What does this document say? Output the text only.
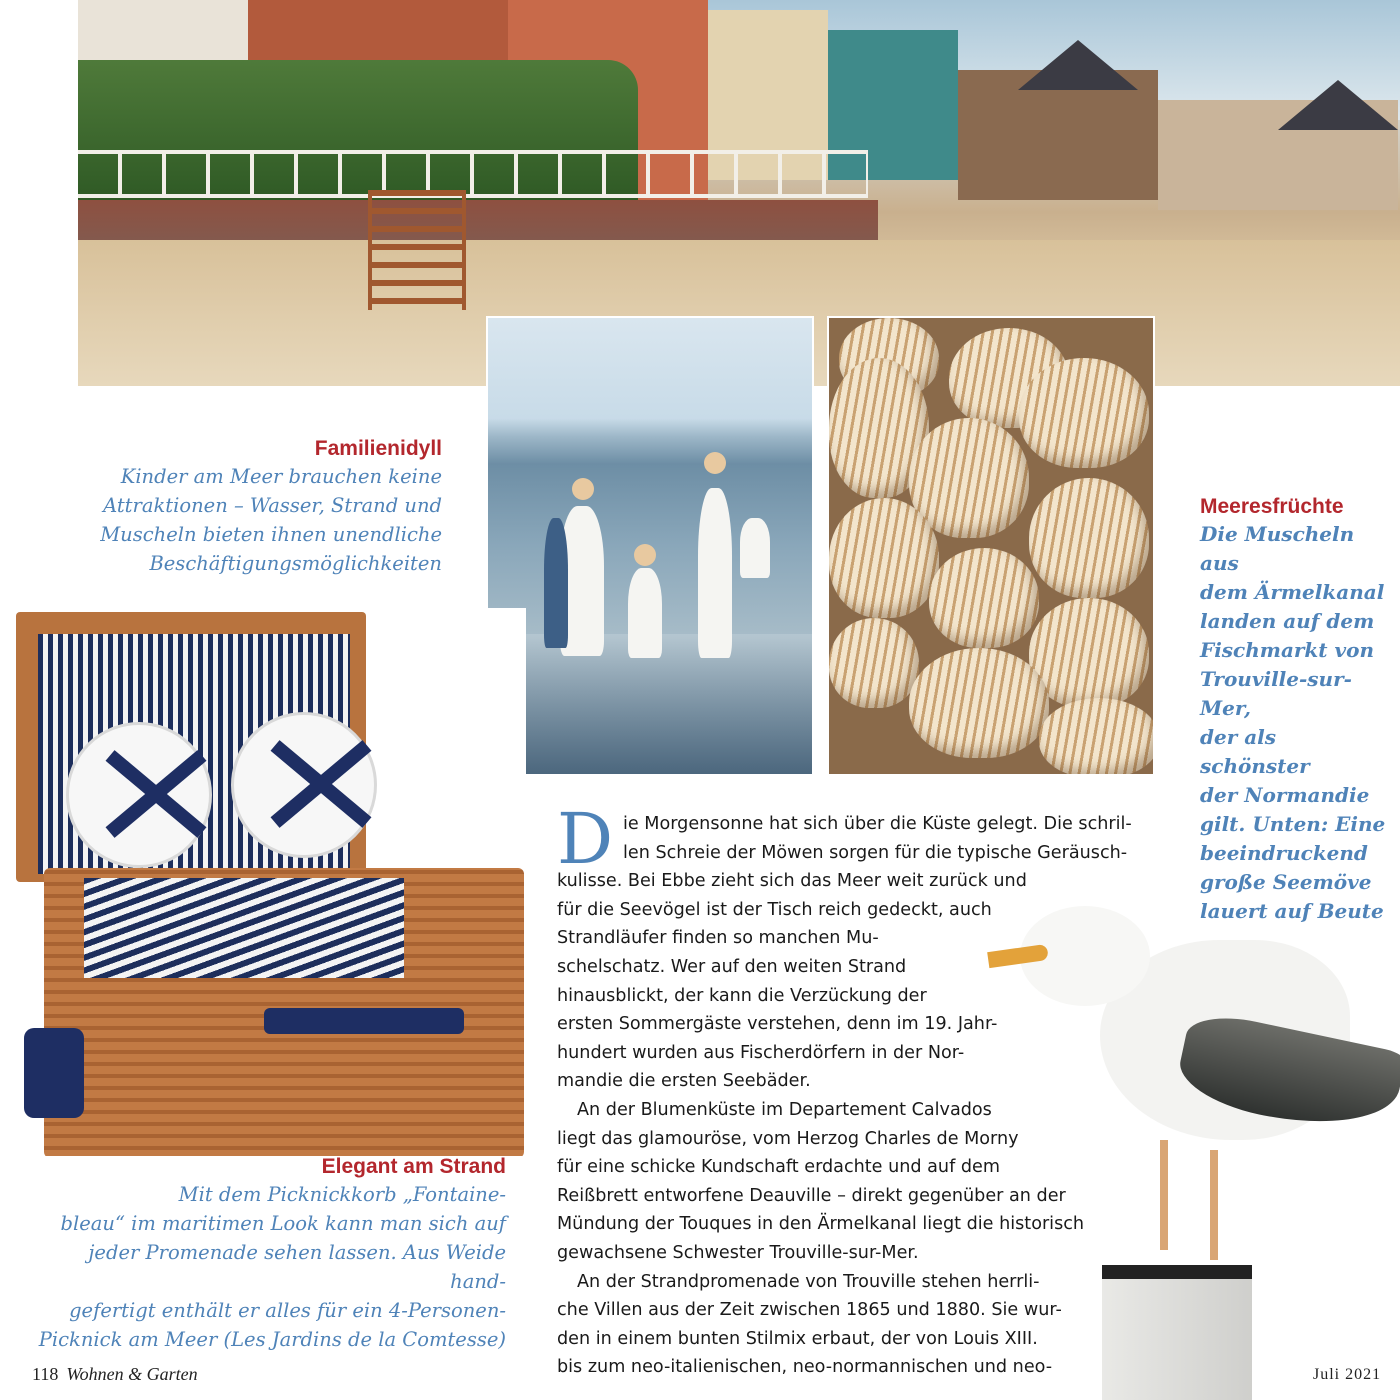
Familienidyll
Kinder am Meer brauchen keine
Attraktionen – Wasser, Strand und
Muscheln bieten ihnen unendliche
Beschäftigungsmöglichkeiten
Meeresfrüchte
Die Muscheln aus
dem Ärmelkanal
landen auf dem
Fischmarkt von
Trouville-sur-Mer,
der als schönster
der Normandie
gilt. Unten: Eine
beeindruckend
große Seemöve
lauert auf Beute
Elegant am Strand
Mit dem Picknickkorb „Fontaine-
bleau“ im maritimen Look kann man sich auf
jeder Promenade sehen lassen. Aus Weide hand-
gefertigt enthält er alles für ein 4-Personen-
Picknick am Meer (Les Jardins de la Comtesse)
D ie Morgensonne hat sich über die Küste gelegt. Die schril-
len Schreie der Möwen sorgen für die typische Geräusch-
kulisse. Bei Ebbe zieht sich das Meer weit zurück und
für die Seevögel ist der Tisch reich gedeckt, auch
Strandläufer finden so manchen Mu-
schelschatz. Wer auf den weiten Strand
hinausblickt, der kann die Verzückung der
ersten Sommergäste verstehen, denn im 19. Jahr-
hundert wurden aus Fischerdörfern in der Nor-
mandie die ersten Seebäder.
An der Blumenküste im Departement Calvados
liegt das glamouröse, vom Herzog Charles de Morny
für eine schicke Kundschaft erdachte und auf dem
Reißbrett entworfene Deauville – direkt gegenüber an der
Mündung der Touques in den Ärmelkanal liegt die historisch
gewachsene Schwester Trouville-sur-Mer.
An der Strandpromenade von Trouville stehen herrli-
che Villen aus der Zeit zwischen 1865 und 1880. Sie wur-
den in einem bunten Stilmix erbaut, der von Louis XIII.
bis zum neo-italienischen, neo-normannischen und neo-
118 Wohnen & Garten	Juli 2021
